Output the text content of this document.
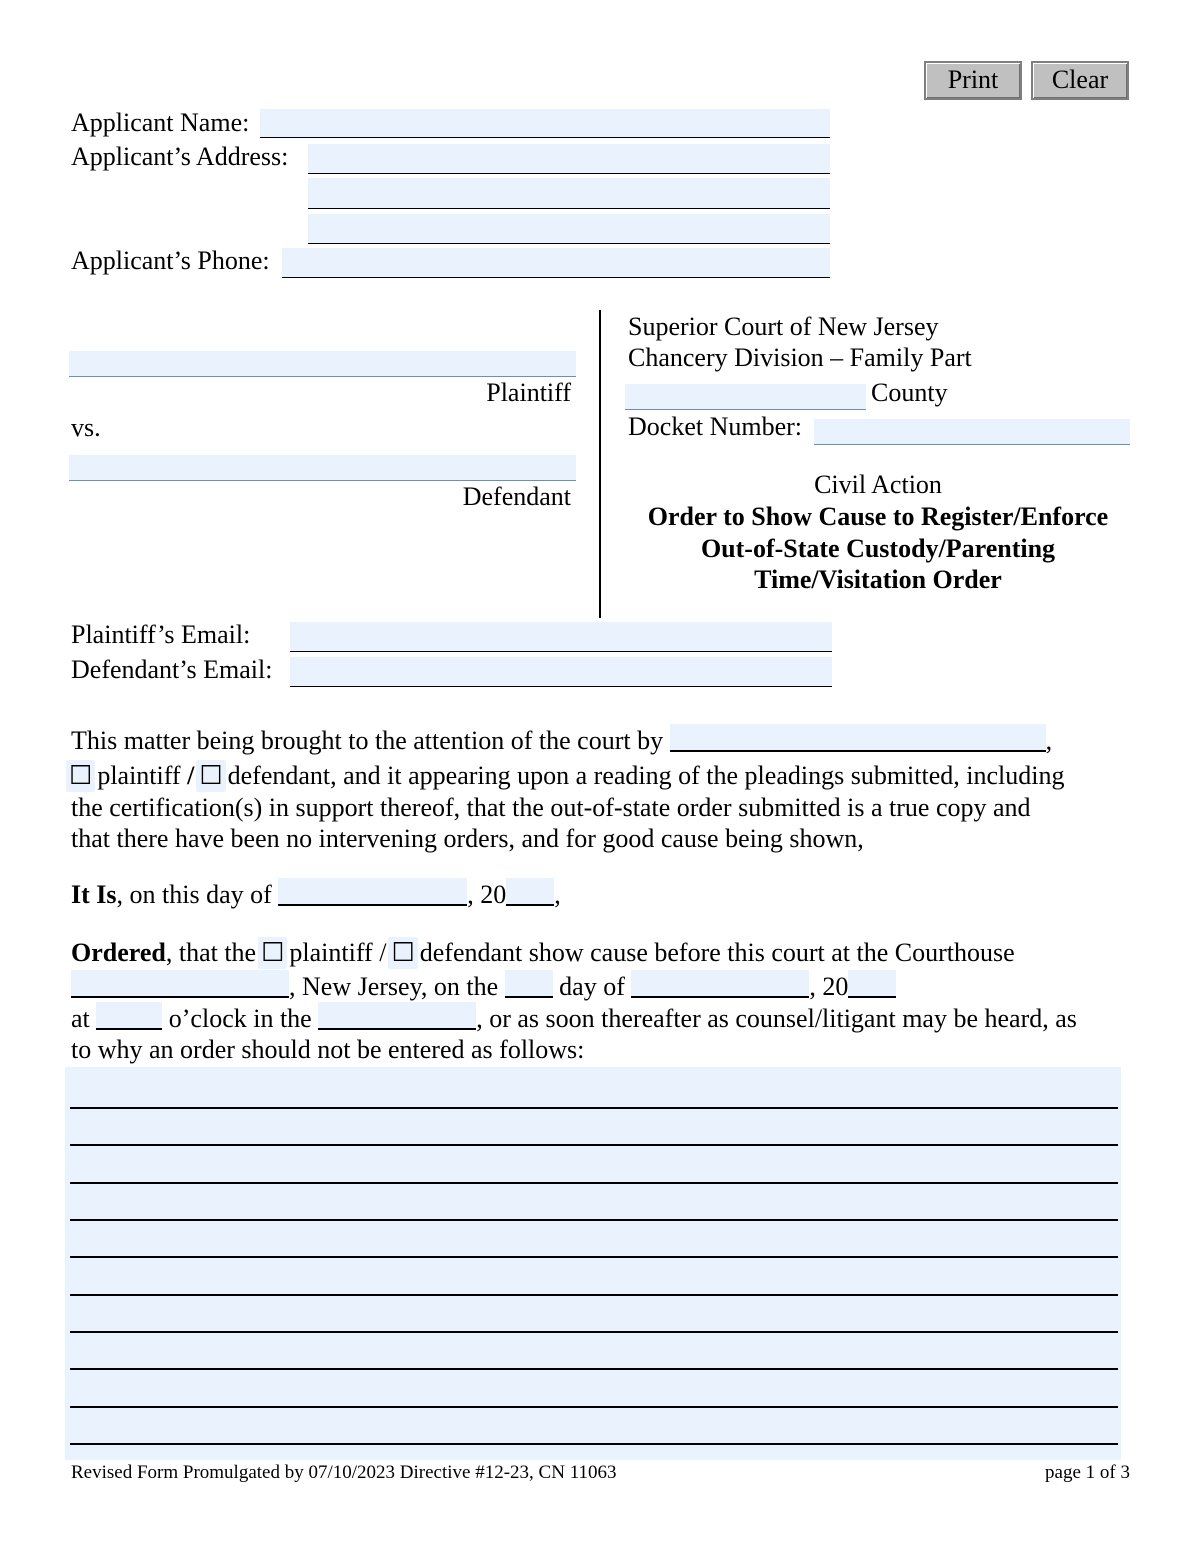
Print	Clear
Applicant Name:
Applicant’s Address:
Applicant’s Phone:
Plaintiff
vs.
Defendant
Superior Court of New Jersey
Chancery Division – Family Part
County
Docket Number:
Civil Action
Order to Show Cause to Register/Enforce
Out-of-State Custody/Parenting
Time/Visitation Order
Plaintiff’s Email:
Defendant’s Email:
This matter being brought to the attention of the court by	,
☐ plaintiff / ☐ defendant, and it appearing upon a reading of the pleadings submitted, including
the certification(s) in support thereof, that the out-of-state order submitted is a true copy and
that there have been no intervening orders, and for good cause being shown,
It Is, on this day of	, 20 ,
Ordered, that the ☐ plaintiff / ☐ defendant show cause before this court at the Courthouse
, New Jersey, on the day of	, 20
at	o’clock in the	, or as soon thereafter as counsel/litigant may be heard, as
to why an order should not be entered as follows:
Revised Form Promulgated by 07/10/2023 Directive #12-23, CN 11063	page 1 of 3
